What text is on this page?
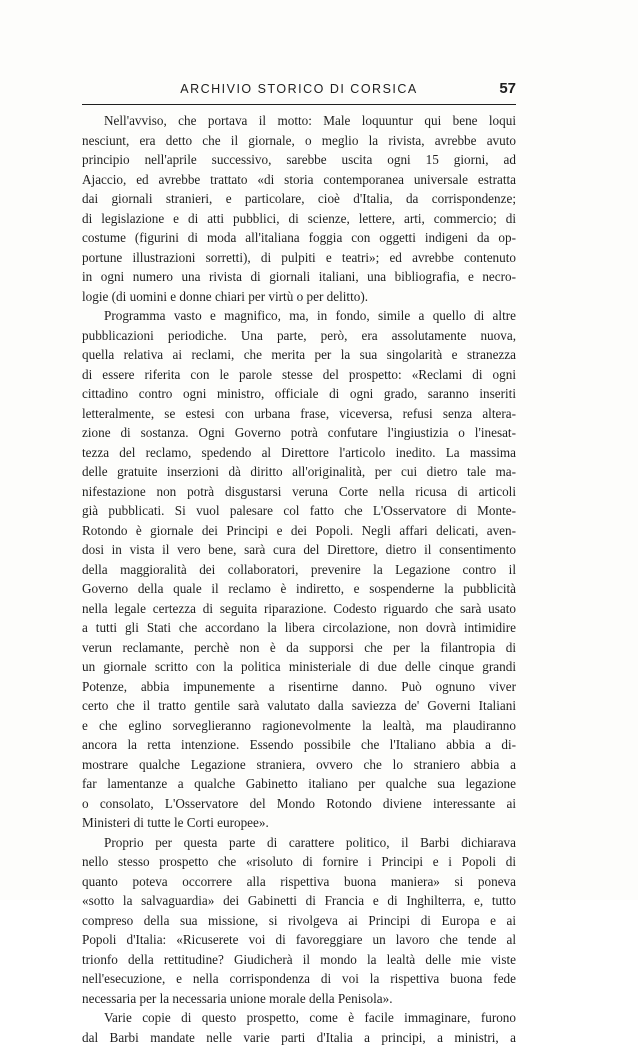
ARCHIVIO STORICO DI CORSICA	57
Nell'avviso, che portava il motto: Male loquuntur qui bene loqui
nesciunt, era detto che il giornale, o meglio la rivista, avrebbe avuto
principio nell'aprile successivo, sarebbe uscita ogni 15 giorni, ad
Ajaccio, ed avrebbe trattato «di storia contemporanea universale estratta
dai giornali stranieri, e particolare, cioè d'Italia, da corrispondenze;
di legislazione e di atti pubblici, di scienze, lettere, arti, commercio; di
costume (figurini di moda all'italiana foggia con oggetti indigeni da op-
portune illustrazioni sorretti), di pulpiti e teatri»; ed avrebbe contenuto
in ogni numero una rivista di giornali italiani, una bibliografia, e necro-
logie (di uomini e donne chiari per virtù o per delitto).
Programma vasto e magnifico, ma, in fondo, simile a quello di altre
pubblicazioni periodiche. Una parte, però, era assolutamente nuova,
quella relativa ai reclami, che merita per la sua singolarità e stranezza
di essere riferita con le parole stesse del prospetto: «Reclami di ogni
cittadino contro ogni ministro, officiale di ogni grado, saranno inseriti
letteralmente, se estesi con urbana frase, viceversa, refusi senza altera-
zione di sostanza. Ogni Governo potrà confutare l'ingiustizia o l'inesat-
tezza del reclamo, spedendo al Direttore l'articolo inedito. La massima
delle gratuite inserzioni dà diritto all'originalità, per cui dietro tale ma-
nifestazione non potrà disgustarsi veruna Corte nella ricusa di articoli
già pubblicati. Si vuol palesare col fatto che L'Osservatore di Monte-
Rotondo è giornale dei Principi e dei Popoli. Negli affari delicati, aven-
dosi in vista il vero bene, sarà cura del Direttore, dietro il consentimento
della maggioralità dei collaboratori, prevenire la Legazione contro il
Governo della quale il reclamo è indiretto, e sospenderne la pubblicità
nella legale certezza di seguita riparazione. Codesto riguardo che sarà usato
a tutti gli Stati che accordano la libera circolazione, non dovrà intimidire
verun reclamante, perchè non è da supporsi che per la filantropia di
un giornale scritto con la politica ministeriale di due delle cinque grandi
Potenze, abbia impunemente a risentirne danno. Può ognuno viver
certo che il tratto gentile sarà valutato dalla saviezza de' Governi Italiani
e che eglino sorveglieranno ragionevolmente la lealtà, ma plaudiranno
ancora la retta intenzione. Essendo possibile che l'Italiano abbia a di-
mostrare qualche Legazione straniera, ovvero che lo straniero abbia a
far lamentanze a qualche Gabinetto italiano per qualche sua legazione
o consolato, L'Osservatore del Mondo Rotondo diviene interessante ai
Ministeri di tutte le Corti europee».
Proprio per questa parte di carattere politico, il Barbi dichiarava
nello stesso prospetto che «risoluto di fornire i Principi e i Popoli di
quanto poteva occorrere alla rispettiva buona maniera» si poneva
«sotto la salvaguardia» dei Gabinetti di Francia e di Inghilterra, e, tutto
compreso della sua missione, si rivolgeva ai Principi di Europa e ai
Popoli d'Italia: «Ricuserete voi di favoreggiare un lavoro che tende al
trionfo della rettitudine? Giudicherà il mondo la lealtà delle mie viste
nell'esecuzione, e nella corrispondenza di voi la rispettiva buona fede
necessaria per la necessaria unione morale della Penisola».
Varie copie di questo prospetto, come è facile immaginare, furono
dal Barbi mandate nelle varie parti d'Italia a principi, a ministri, a
